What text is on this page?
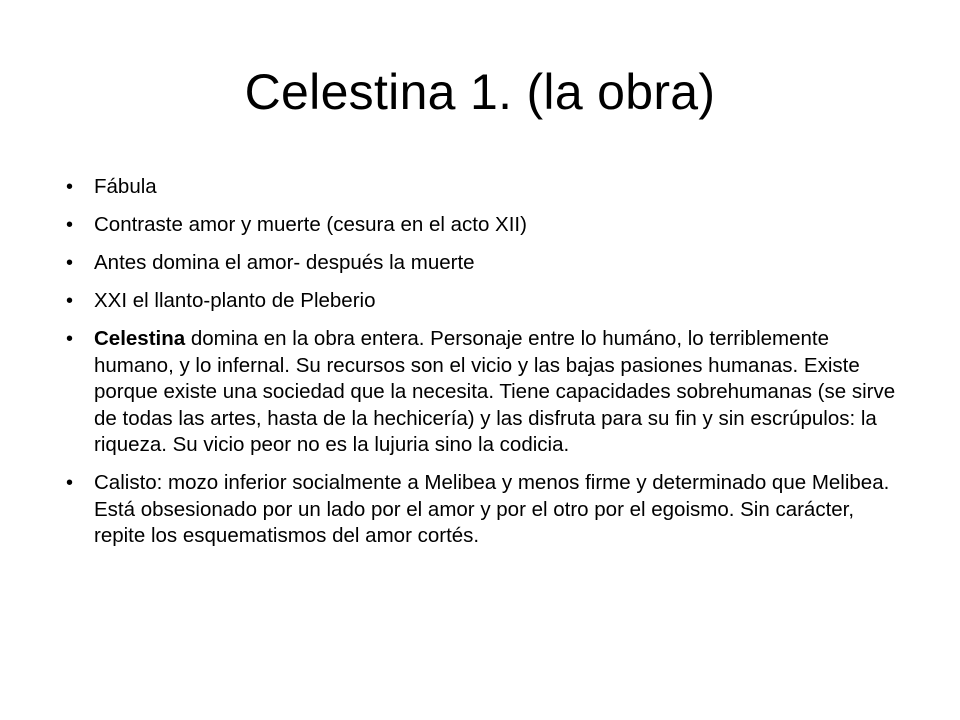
Celestina 1. (la obra)
•	Fábula
•	Contraste amor y muerte (cesura en el acto XII)
•	Antes domina el amor- después la muerte
•	XXI el llanto-planto de Pleberio
•	Celestina domina en la obra entera. Personaje entre lo humáno, lo terriblemente humano, y lo infernal. Su recursos son el vicio y las bajas pasiones humanas. Existe porque existe una sociedad que la necesita. Tiene capacidades sobrehumanas (se sirve de todas las artes, hasta de la hechicería) y las disfruta para su fin y sin escrúpulos: la riqueza. Su vicio peor no es la lujuria sino la codicia.
•	Calisto: mozo inferior socialmente a Melibea y menos firme y determinado que Melibea. Está obsesionado por un lado por el amor y por el otro por el egoismo. Sin carácter, repite los esquematismos del amor cortés.
